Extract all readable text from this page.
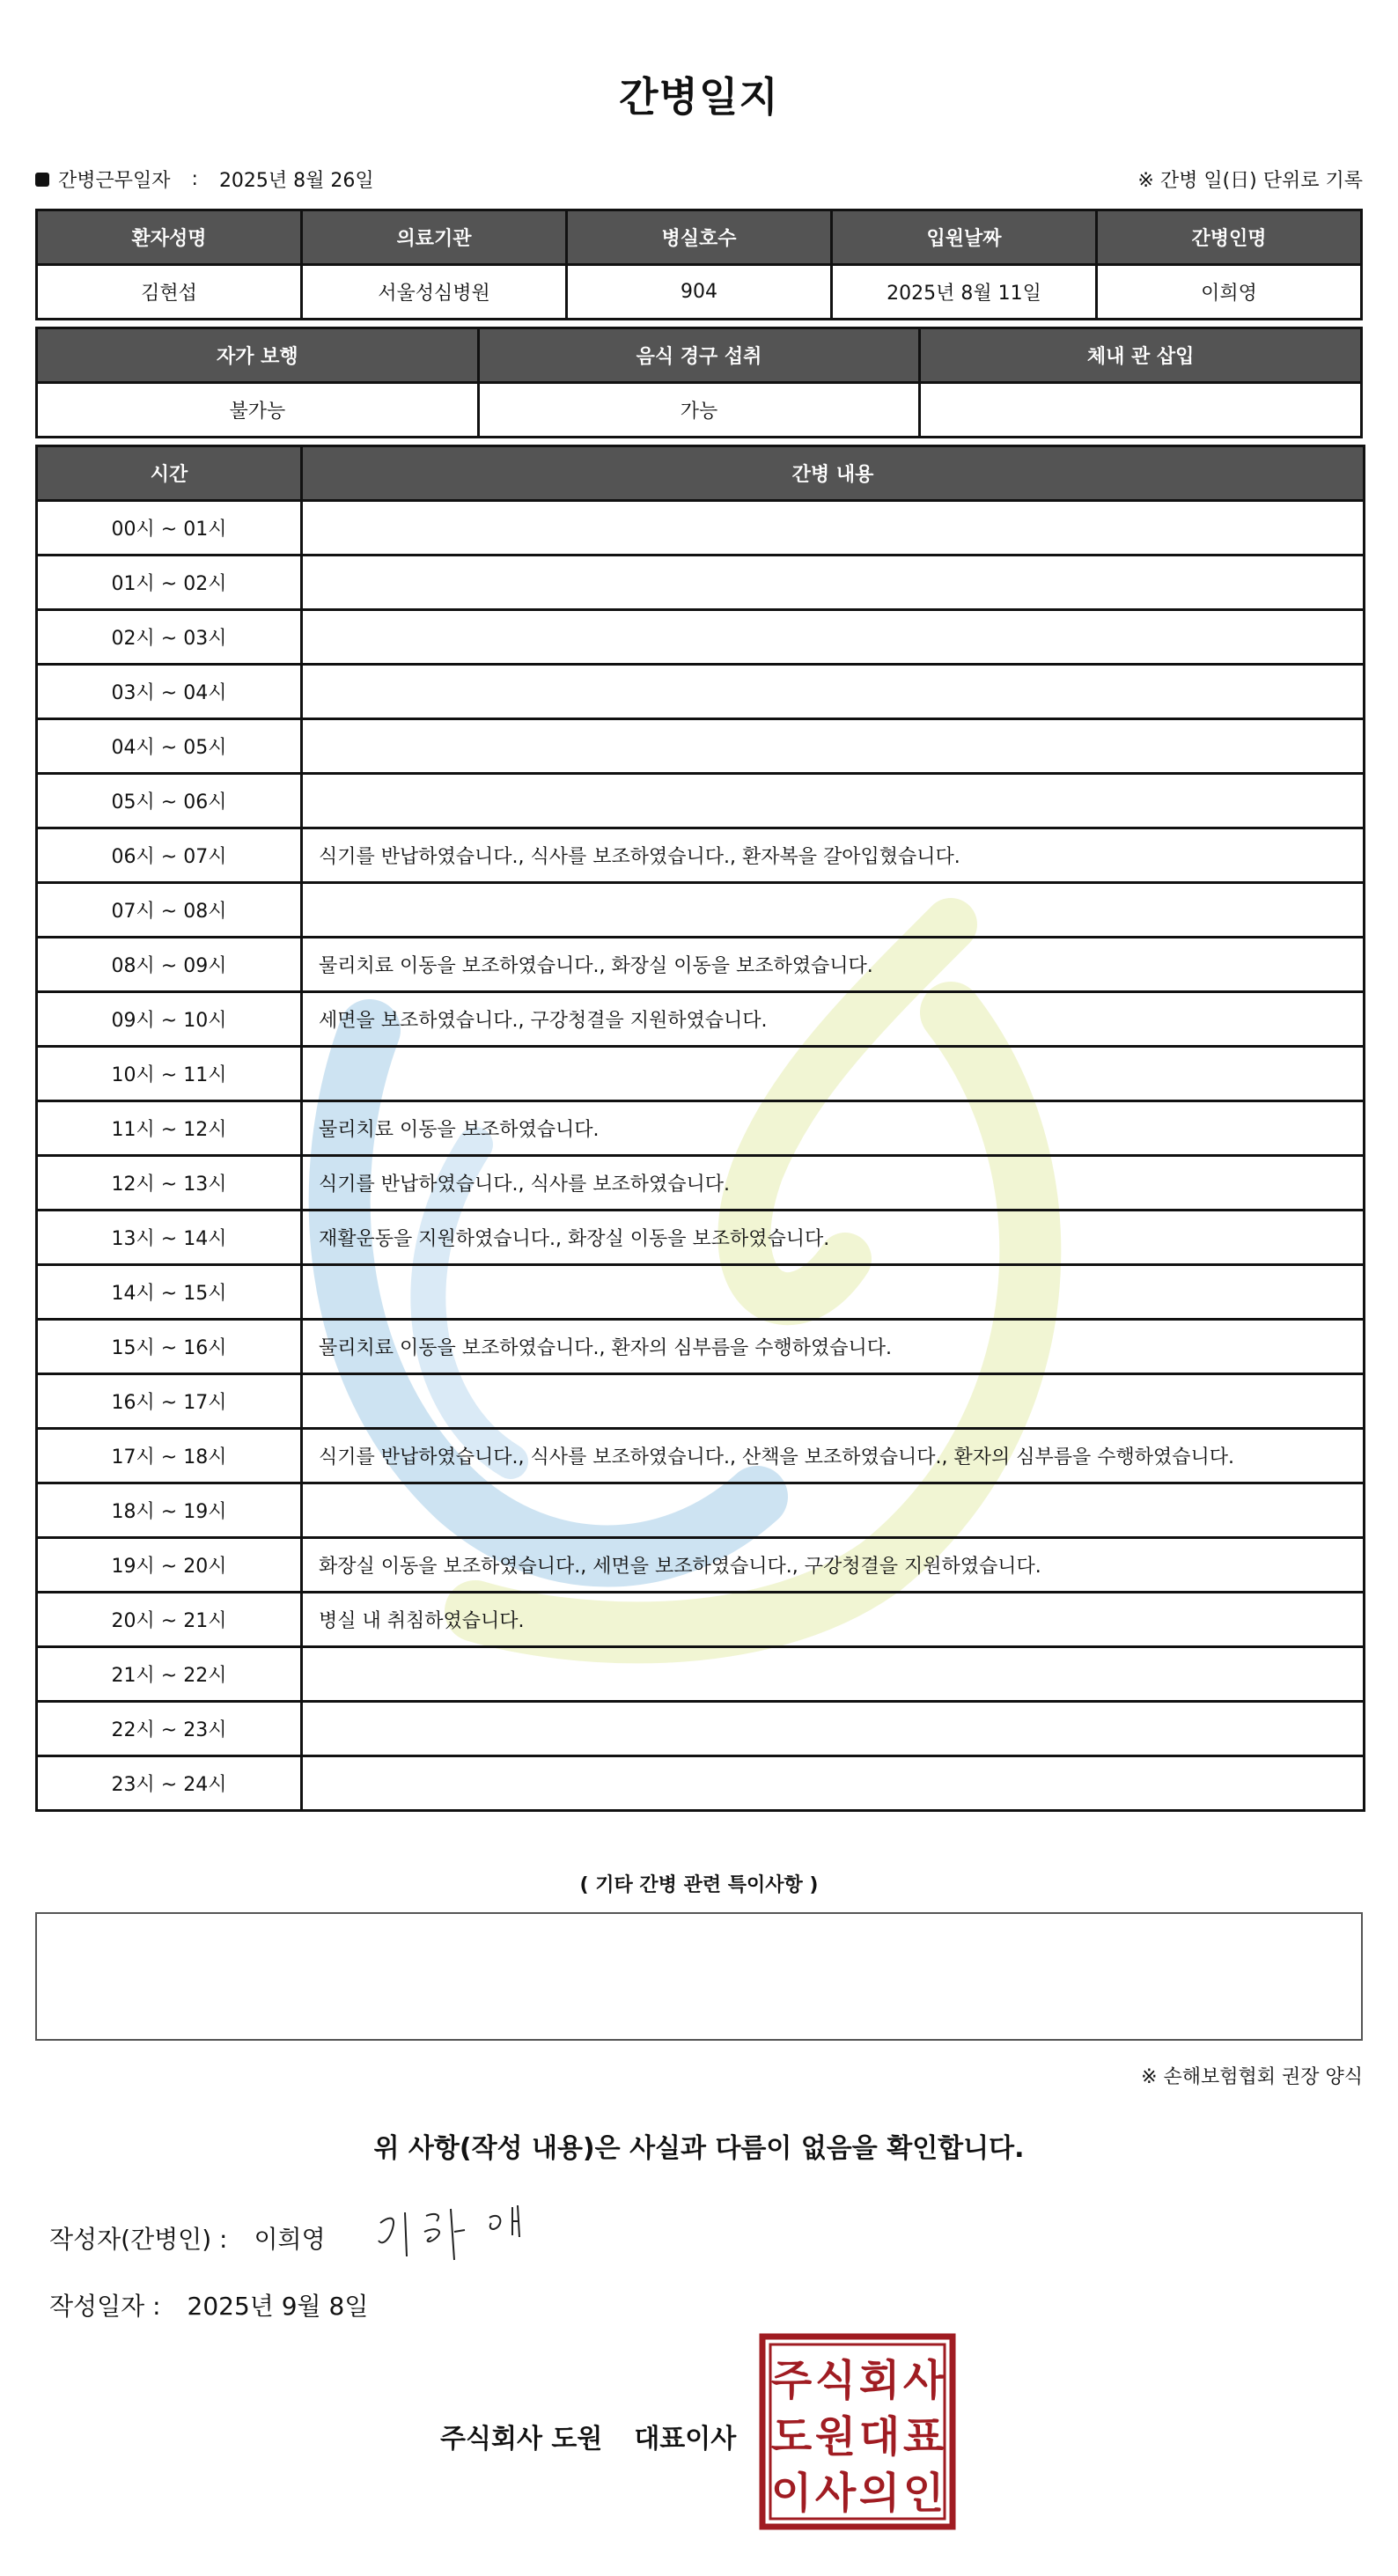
간병일지
간병근무일자 : 2025년 8월 26일	※ 간병 일(日) 단위로 기록
환자성명	의료기관	병실호수	입원날짜	간병인명
김현섭	서울성심병원	904	2025년 8월 11일	이희영
자가 보행	음식 경구 섭취	체내 관 삽입
불가능	가능	
시간	간병 내용
00시 ~ 01시	
01시 ~ 02시	
02시 ~ 03시	
03시 ~ 04시	
04시 ~ 05시	
05시 ~ 06시	
06시 ~ 07시	식기를 반납하였습니다., 식사를 보조하였습니다., 환자복을 갈아입혔습니다.
07시 ~ 08시	
08시 ~ 09시	물리치료 이동을 보조하였습니다., 화장실 이동을 보조하였습니다.
09시 ~ 10시	세면을 보조하였습니다., 구강청결을 지원하였습니다.
10시 ~ 11시	
11시 ~ 12시	물리치료 이동을 보조하였습니다.
12시 ~ 13시	식기를 반납하였습니다., 식사를 보조하였습니다.
13시 ~ 14시	재활운동을 지원하였습니다., 화장실 이동을 보조하였습니다.
14시 ~ 15시	
15시 ~ 16시	물리치료 이동을 보조하였습니다., 환자의 심부름을 수행하였습니다.
16시 ~ 17시	
17시 ~ 18시	식기를 반납하였습니다., 식사를 보조하였습니다., 산책을 보조하였습니다., 환자의 심부름을 수행하였습니다.
18시 ~ 19시	
19시 ~ 20시	화장실 이동을 보조하였습니다., 세면을 보조하였습니다., 구강청결을 지원하였습니다.
20시 ~ 21시	병실 내 취침하였습니다.
21시 ~ 22시	
22시 ~ 23시	
23시 ~ 24시	
( 기타 간병 관련 특이사항 )
※ 손해보험협회 권장 양식
위 사항(작성 내용)은 사실과 다름이 없음을 확인합니다.
작성자(간병인) : 이희영
작성일자 : 2025년 9월 8일
주식회사 도원 대표이사
주 식 회 사
도 원 대 표
이 사 의 인
